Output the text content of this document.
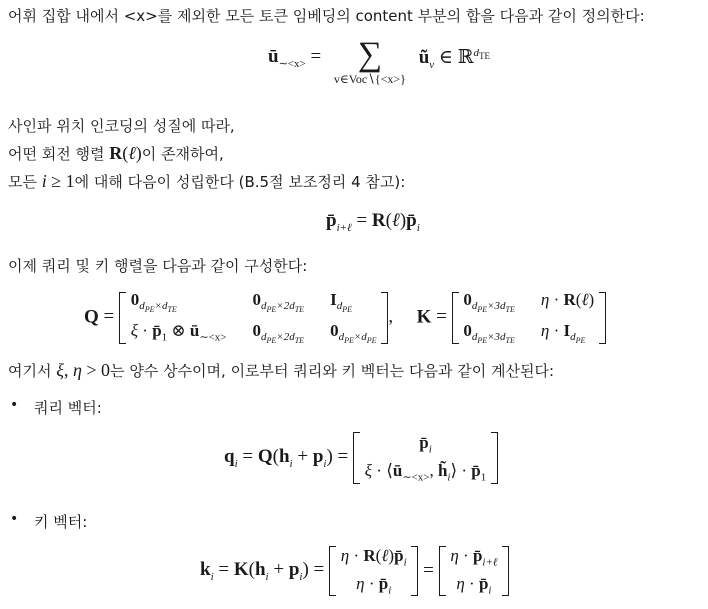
어휘 집합 내에서 <x>를 제외한 모든 토큰 임베딩의 content 부분의 합을 다음과 같이 정의한다:
$ū_{\sim<x>}$ =	∑
v∈Voc∖{<x>}
$ũ_v$ ∈ ℝ$^{d_{TE}}$
사인파 위치 인코딩의 성질에 따라,
어떤 회전 행렬 R(ℓ)이 존재하여,
모든 i ≥ 1에 대해 다음이 성립한다 (B.5절 보조정리 4 참고):
$p̄_{i+\ell}$ = $R(\ell)p̄_i$
이제 쿼리 및 키 행렬을 다음과 같이 구성한다:
Q =
$0_{d_{PE}\times d_{TE}}$
$0_{d_{PE}\times 2d_{TE}}$
$I_{d_{PE}}$
$\xi \cdot p̄_1$ ⊗ $ū_{\sim<x>}$ $0_{d_{PE}\times 2d_{TE}}$
$0_{d_{PE}\times d_{PE}}$
,  K =
$0_{d_{PE}\times 3d_{TE}}$
η · R(ℓ)
$0_{d_{PE}\times 3d_{TE}}$
$\eta \cdot I_{d_{PE}}$

여기서 ξ, η > 0는 양수 상수이며, 이로부터 쿼리와 키 벡터는 다음과 같이 계산된다:
• 쿼리 벡터:
$q_i = Q(h_i + p_i)$ =
$p̄_i$
$\xi \cdot ⟨ū_{\sim<x>}$, $h̃_i⟩$ · $p̄_1$

• 키 벡터:
$k_i = K(h_i + p_i)$ =
$\eta \cdot R(\ell)p̄_i$
$\eta \cdot p̄_i$
=
$\eta \cdot p̄_{i+\ell}$
$\eta \cdot p̄_i$
